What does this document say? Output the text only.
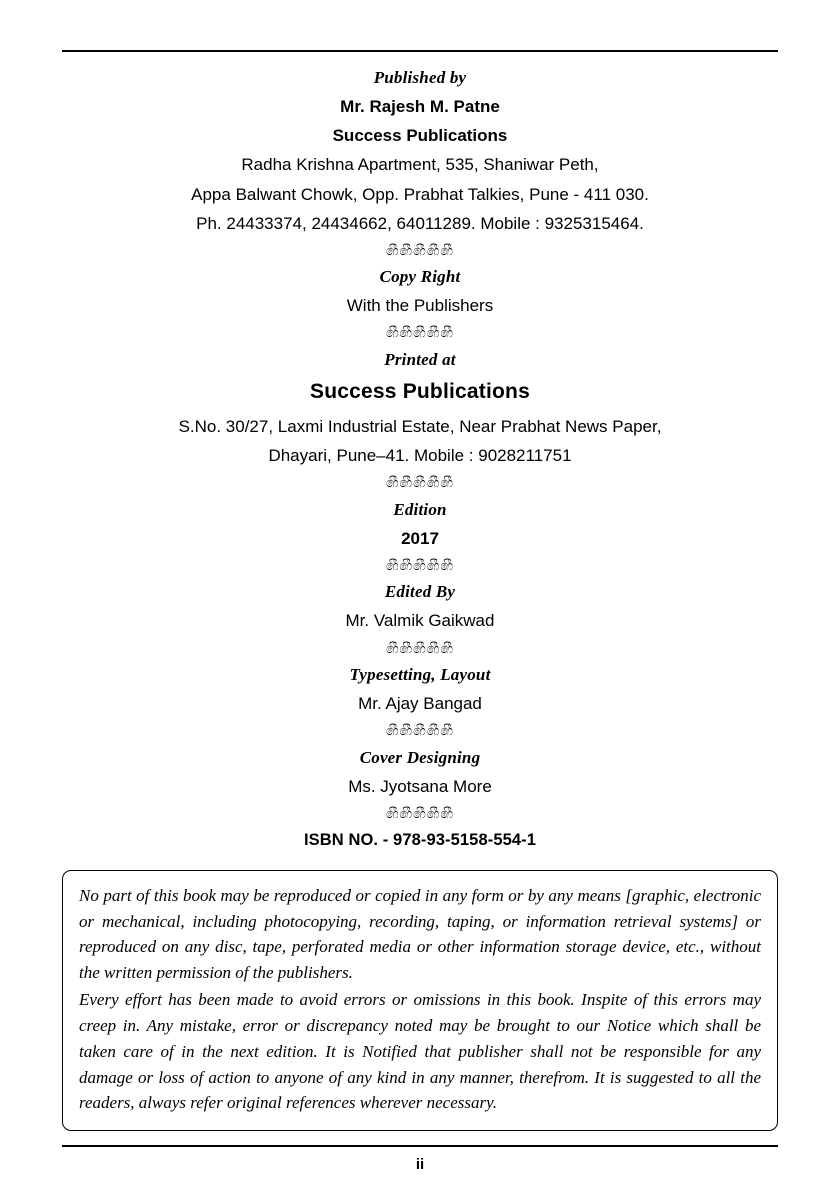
Published by
Mr. Rajesh M. Patne
Success Publications
Radha Krishna Apartment, 535, Shaniwar Peth,
Appa Balwant Chowk, Opp. Prabhat Talkies, Pune - 411 030.
Ph. 24433374, 24434662, 64011289. Mobile : 9325315464.
෯෯෯෯෯
Copy Right
With the Publishers
෯෯෯෯෯
Printed at
Success Publications
S.No. 30/27, Laxmi Industrial Estate, Near Prabhat News Paper,
Dhayari, Pune–41. Mobile : 9028211751
෯෯෯෯෯
Edition
2017
෯෯෯෯෯
Edited By
Mr. Valmik Gaikwad
෯෯෯෯෯
Typesetting, Layout
Mr. Ajay Bangad
෯෯෯෯෯
Cover Designing
Ms. Jyotsana More
෯෯෯෯෯
ISBN NO. - 978-93-5158-554-1

No part of this book may be reproduced or copied in any form or by any means [graphic, electronic or mechanical, including photocopying, recording, taping, or information retrieval systems] or reproduced on any disc, tape, perforated media or other information storage device, etc., without the written permission of the publishers.

Every effort has been made to avoid errors or omissions in this book. Inspite of this errors may creep in. Any mistake, error or discrepancy noted may be brought to our Notice which shall be taken care of in the next edition. It is Notified that publisher shall not be responsible for any damage or loss of action to anyone of any kind in any manner, therefrom. It is suggested to all the readers, always refer original references wherever necessary.

ii
